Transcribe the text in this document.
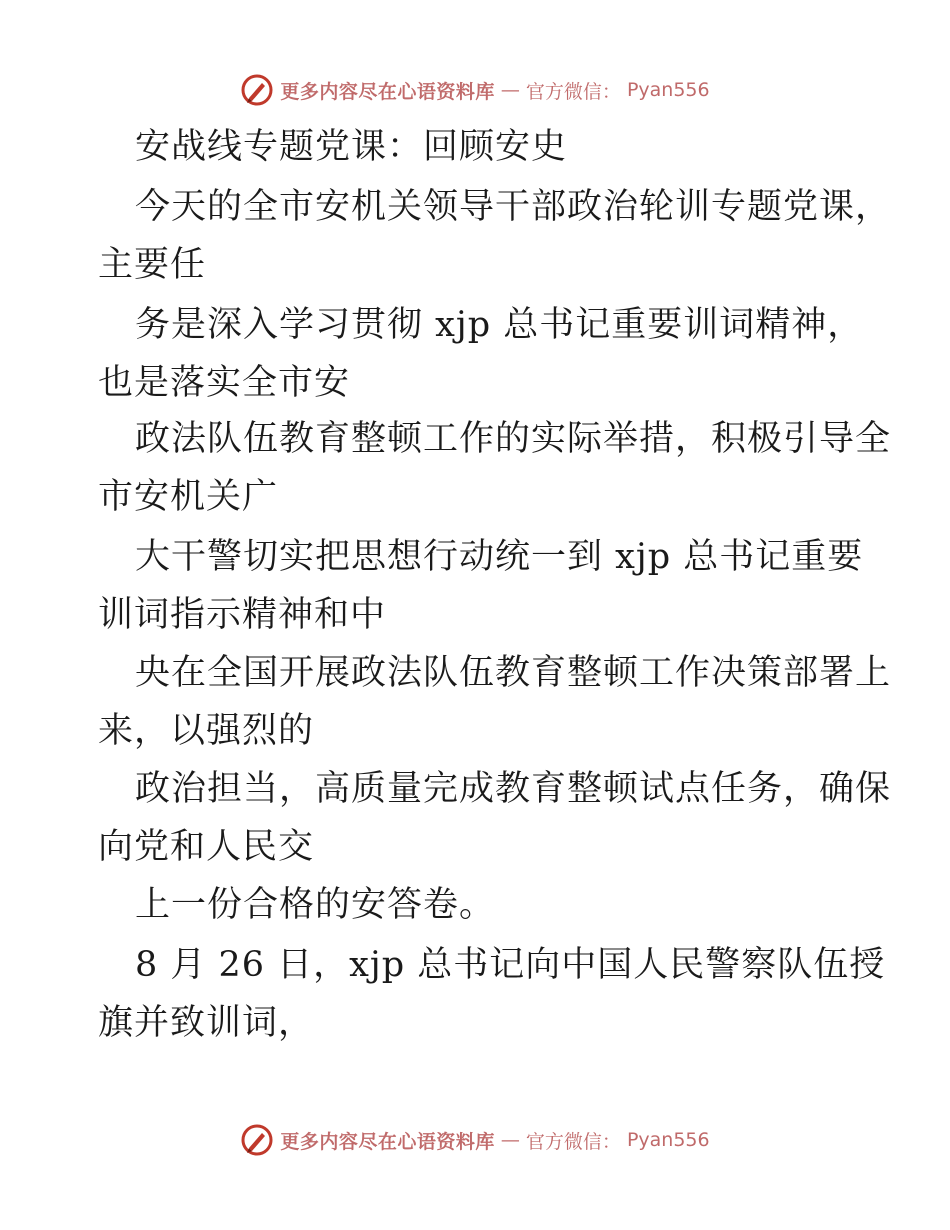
更多内容尽在心语资料库 — 官方微信： Pyan556
安战线专题党课：回顾安史
今天的全市安机关领导干部政治轮训专题党课，
主要任
务是深入学习贯彻 xjp 总书记重要训词精神，
也是落实全市安
政法队伍教育整顿工作的实际举措，积极引导全
市安机关广
大干警切实把思想行动统一到 xjp 总书记重要
训词指示精神和中
央在全国开展政法队伍教育整顿工作决策部署上
来，以强烈的
政治担当，高质量完成教育整顿试点任务，确保
向党和人民交
上一份合格的安答卷。
8 月 26 日，xjp 总书记向中国人民警察队伍授
旗并致训词，
更多内容尽在心语资料库 — 官方微信： Pyan556
